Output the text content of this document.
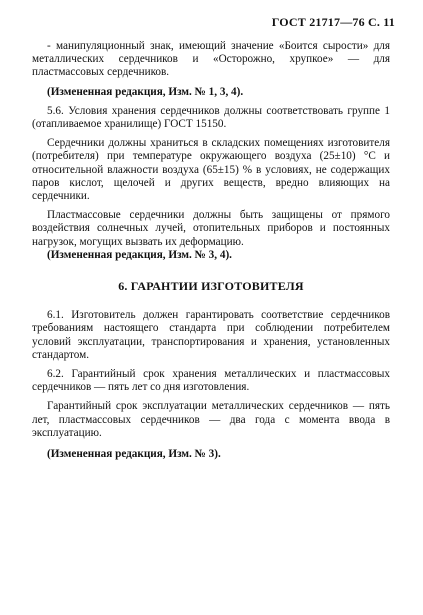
ГОСТ 21717—76 С. 11

- манипуляционный знак, имеющий значение «Боится сырости» для металлических сердечников и «Осторожно, хрупкое» — для пластмассовых сердечников.

(Измененная редакция, Изм. № 1, 3, 4).

5.6. Условия хранения сердечников должны соответствовать группе 1 (отапливаемое хранилище) ГОСТ 15150.

Сердечники должны храниться в складских помещениях изготовителя (потребителя) при температуре окружающего воздуха (25±10) °С и относительной влажности воздуха (65±15) % в условиях, не содержащих паров кислот, щелочей и других веществ, вредно влияющих на сердечники.

Пластмассовые сердечники должны быть защищены от прямого воздействия солнечных лучей, отопительных приборов и постоянных нагрузок, могущих вызвать их деформацию.

(Измененная редакция, Изм. № 3, 4).

6. ГАРАНТИИ ИЗГОТОВИТЕЛЯ

6.1. Изготовитель должен гарантировать соответствие сердечников требованиям настоящего стандарта при соблюдении потребителем условий эксплуатации, транспортирования и хранения, установленных стандартом.

6.2. Гарантийный срок хранения металлических и пластмассовых сердечников — пять лет со дня изготовления.

Гарантийный срок эксплуатации металлических сердечников — пять лет, пластмассовых сердечников — два года с момента ввода в эксплуатацию.

(Измененная редакция, Изм. № 3).
